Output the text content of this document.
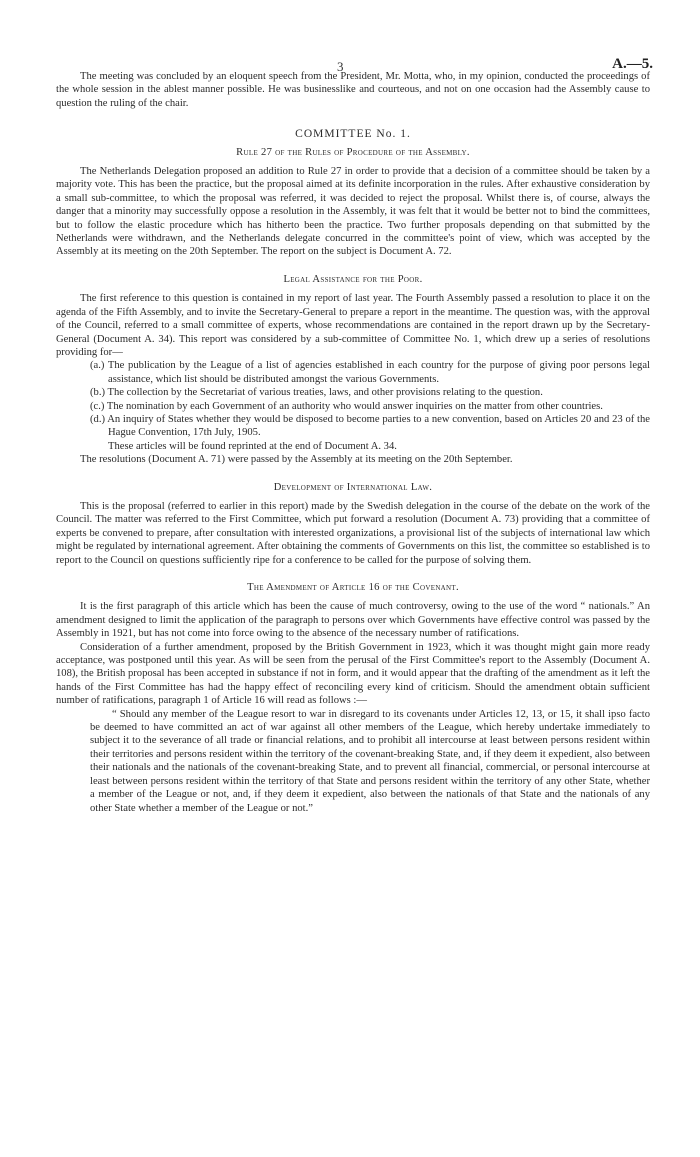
3	A.—5.

The meeting was concluded by an eloquent speech from the President, Mr. Motta, who, in my opinion, conducted the proceedings of the whole session in the ablest manner possible. He was businesslike and courteous, and not on one occasion had the Assembly cause to question the ruling of the chair.

COMMITTEE No. 1.
Rule 27 of the Rules of Procedure of the Assembly.

The Netherlands Delegation proposed an addition to Rule 27 in order to provide that a decision of a committee should be taken by a majority vote. This has been the practice, but the proposal aimed at its definite incorporation in the rules. After exhaustive consideration by a small sub-committee, to which the proposal was referred, it was decided to reject the proposal. Whilst there is, of course, always the danger that a minority may successfully oppose a resolution in the Assembly, it was felt that it would be better not to bind the committees, but to follow the elastic procedure which has hitherto been the practice. Two further proposals depending on that submitted by the Netherlands were withdrawn, and the Netherlands delegate concurred in the committee's point of view, which was accepted by the Assembly at its meeting on the 20th September. The report on the subject is Document A. 72.

Legal Assistance for the Poor.

The first reference to this question is contained in my report of last year. The Fourth Assembly passed a resolution to place it on the agenda of the Fifth Assembly, and to invite the Secretary-General to prepare a report in the meantime. The question was, with the approval of the Council, referred to a small committee of experts, whose recommendations are contained in the report drawn up by the Secretary-General (Document A. 34). This report was considered by a sub-committee of Committee No. 1, which drew up a series of resolutions providing for—

(a.) The publication by the League of a list of agencies established in each country for the purpose of giving poor persons legal assistance, which list should be distributed amongst the various Governments.
(b.) The collection by the Secretariat of various treaties, laws, and other provisions relating to the question.
(c.) The nomination by each Government of an authority who would answer inquiries on the matter from other countries.
(d.) An inquiry of States whether they would be disposed to become parties to a new convention, based on Articles 20 and 23 of the Hague Convention, 17th July, 1905.
These articles will be found reprinted at the end of Document A. 34.

The resolutions (Document A. 71) were passed by the Assembly at its meeting on the 20th September.

Development of International Law.

This is the proposal (referred to earlier in this report) made by the Swedish delegation in the course of the debate on the work of the Council. The matter was referred to the First Committee, which put forward a resolution (Document A. 73) providing that a committee of experts be convened to prepare, after consultation with interested organizations, a provisional list of the subjects of international law which might be regulated by international agreement. After obtaining the comments of Governments on this list, the committee so established is to report to the Council on questions sufficiently ripe for a conference to be called for the purpose of solving them.

The Amendment of Article 16 of the Covenant.

It is the first paragraph of this article which has been the cause of much controversy, owing to the use of the word “ nationals.” An amendment designed to limit the application of the paragraph to persons over which Governments have effective control was passed by the Assembly in 1921, but has not come into force owing to the absence of the necessary number of ratifications.

Consideration of a further amendment, proposed by the British Government in 1923, which it was thought might gain more ready acceptance, was postponed until this year. As will be seen from the perusal of the First Committee's report to the Assembly (Document A. 108), the British proposal has been accepted in substance if not in form, and it would appear that the drafting of the amendment as it left the hands of the First Committee has had the happy effect of reconciling every kind of criticism. Should the amendment obtain sufficient number of ratifications, paragraph 1 of Article 16 will read as follows :—

“ Should any member of the League resort to war in disregard to its covenants under Articles 12, 13, or 15, it shall ipso facto be deemed to have committed an act of war against all other members of the League, which hereby undertake immediately to subject it to the severance of all trade or financial relations, and to prohibit all intercourse at least between persons resident within their territories and persons resident within the territory of the covenant-breaking State, and, if they deem it expedient, also between their nationals and the nationals of the covenant-breaking State, and to prevent all financial, commercial, or personal intercourse at least between persons resident within the territory of that State and persons resident within the territory of any other State, whether a member of the League or not, and, if they deem it expedient, also between the nationals of that State and the nationals of any other State whether a member of the League or not.”
